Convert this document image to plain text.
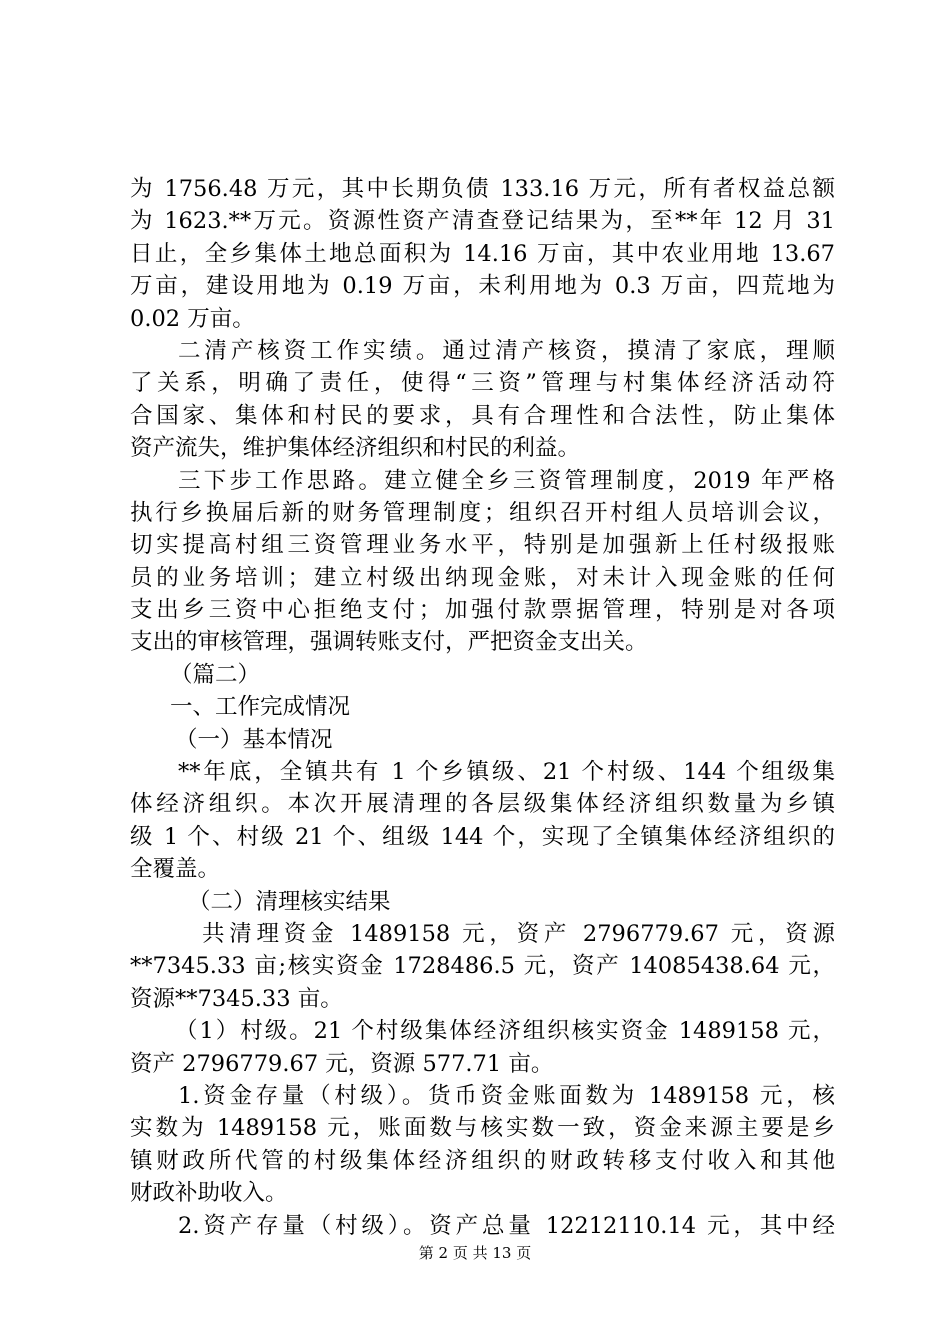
为 1756.48 万元，其中长期负债 133.16 万元，所有者权益总额
为 1623.**万元。资源性资产清查登记结果为，至**年 12 月 31
日止，全乡集体土地总面积为 14.16 万亩，其中农业用地 13.67
万亩，建设用地为 0.19 万亩，未利用地为 0.3 万亩，四荒地为
0.02 万亩。
二清产核资工作实绩。通过清产核资，摸清了家底，理顺
了关系，明确了责任，使得“三资”管理与村集体经济活动符
合国家、集体和村民的要求，具有合理性和合法性，防止集体
资产流失，维护集体经济组织和村民的利益。
三下步工作思路。建立健全乡三资管理制度，2019 年严格
执行乡换届后新的财务管理制度；组织召开村组人员培训会议，
切实提高村组三资管理业务水平，特别是加强新上任村级报账
员的业务培训；建立村级出纳现金账，对未计入现金账的任何
支出乡三资中心拒绝支付；加强付款票据管理，特别是对各项
支出的审核管理，强调转账支付，严把资金支出关。
（篇二）
一、工作完成情况
（一）基本情况
**年底，全镇共有 1 个乡镇级、21 个村级、144 个组级集
体经济组织。本次开展清理的各层级集体经济组织数量为乡镇
级 1 个、村级 21 个、组级 144 个，实现了全镇集体经济组织的
全覆盖。
（二）清理核实结果
共清理资金 1489158 元，资产 2796779.67 元，资源
**7345.33 亩;核实资金 1728486.5 元，资产 14085438.64 元，
资源**7345.33 亩。
（1）村级。21 个村级集体经济组织核实资金 1489158 元，
资产 2796779.67 元，资源 577.71 亩。
1.资金存量（村级）。货币资金账面数为 1489158 元，核
实数为 1489158 元，账面数与核实数一致，资金来源主要是乡
镇财政所代管的村级集体经济组织的财政转移支付收入和其他
财政补助收入。
2.资产存量（村级）。资产总量 12212110.14 元，其中经
第 2 页 共 13 页
